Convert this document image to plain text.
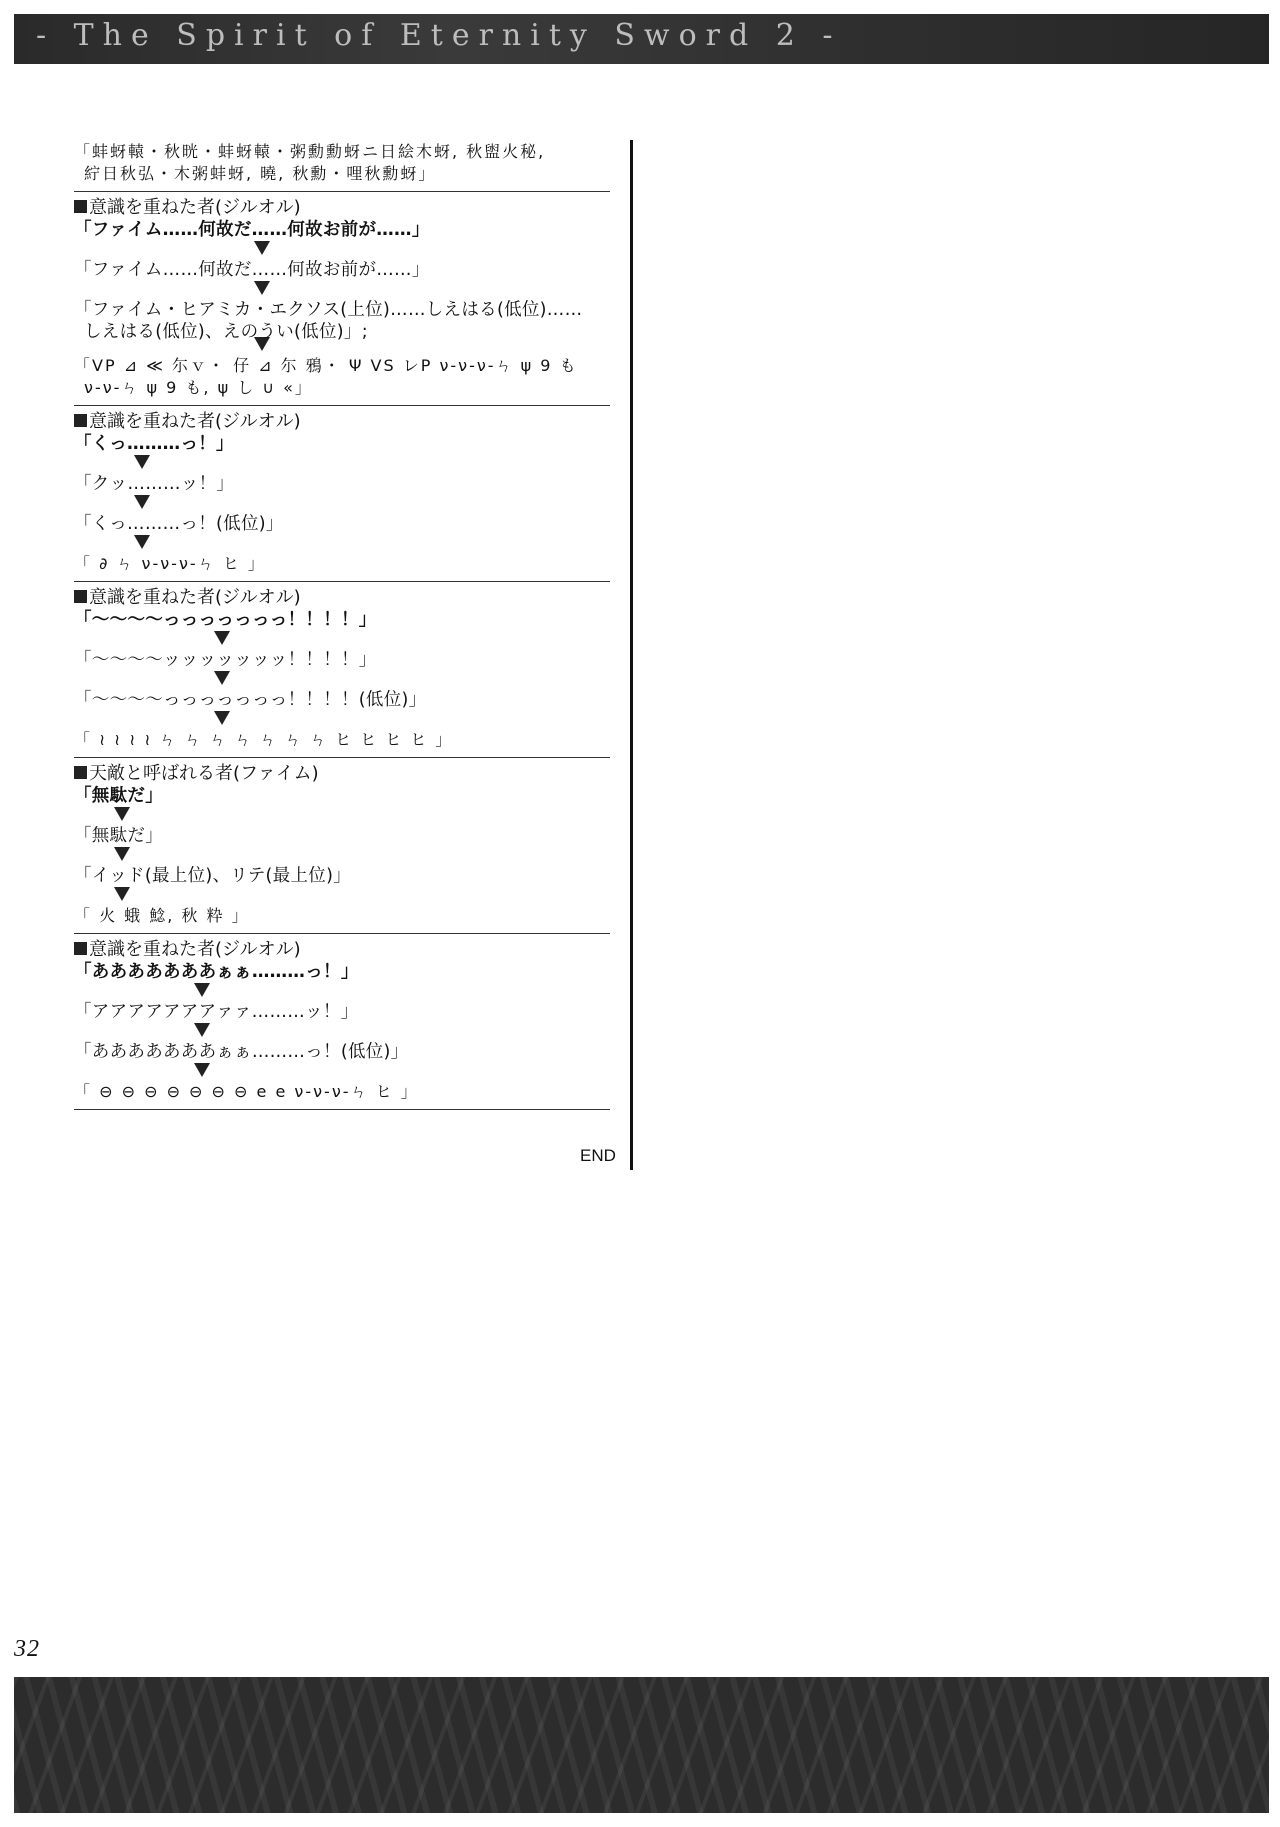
- The Spirit of Eternity Sword 2 -
「蚌蚜轅・秋晄・蚌蚜轅・粥勳勳蚜ニ日絵木蚜, 秋盥火秘,
紵日秋弘・木粥蚌蚜, 曉, 秋勳・哩秋勳蚜」
意識を重ねた者(ジルオル)
「ファイム……何故だ……何故お前が……」
「ファイム……何故だ……何故お前が……」
「ファイム・ヒアミカ・エクソス(上位)……しえはる(低位)……
しえはる(低位)、えのうい(低位)」;
「VP ⊿ ≪ 尓ｖ・ 仔 ⊿ 尓 鴉・ Ψ VS レP ν-ν-ν-ㄣ ψ 9 も
ν-ν-ㄣ ψ 9 も, ψ し ∪ «」
意識を重ねた者(ジルオル)
「くっ………っ！」
「クッ………ッ！」
「くっ………っ！(低位)」
「 ∂ ㄣ ν-ν-ν-ㄣ ヒ 」
意識を重ねた者(ジルオル)
「～～～～っっっっっっっ！！！！」
「～～～～ッッッッッッッ！！！！」
「～～～～っっっっっっっ！！！！(低位)」
「 ≀ ≀ ≀ ≀ ㄣ ㄣ ㄣ ㄣ ㄣ ㄣ ㄣ ヒ ヒ ヒ ヒ 」
天敵と呼ばれる者(ファイム)
「無駄だ」
「無駄だ」
「イッド(最上位)、リテ(最上位)」
「 火 蛾 鯰, 秋 粋 」
意識を重ねた者(ジルオル)
「あああああああぁぁ………っ！」
「アアアアアアアァァ………ッ！」
「あああああああぁぁ………っ！(低位)」
「 ⊖ ⊖ ⊖ ⊖ ⊖ ⊖ ⊖ e e ν-ν-ν-ㄣ ヒ 」
END
32
